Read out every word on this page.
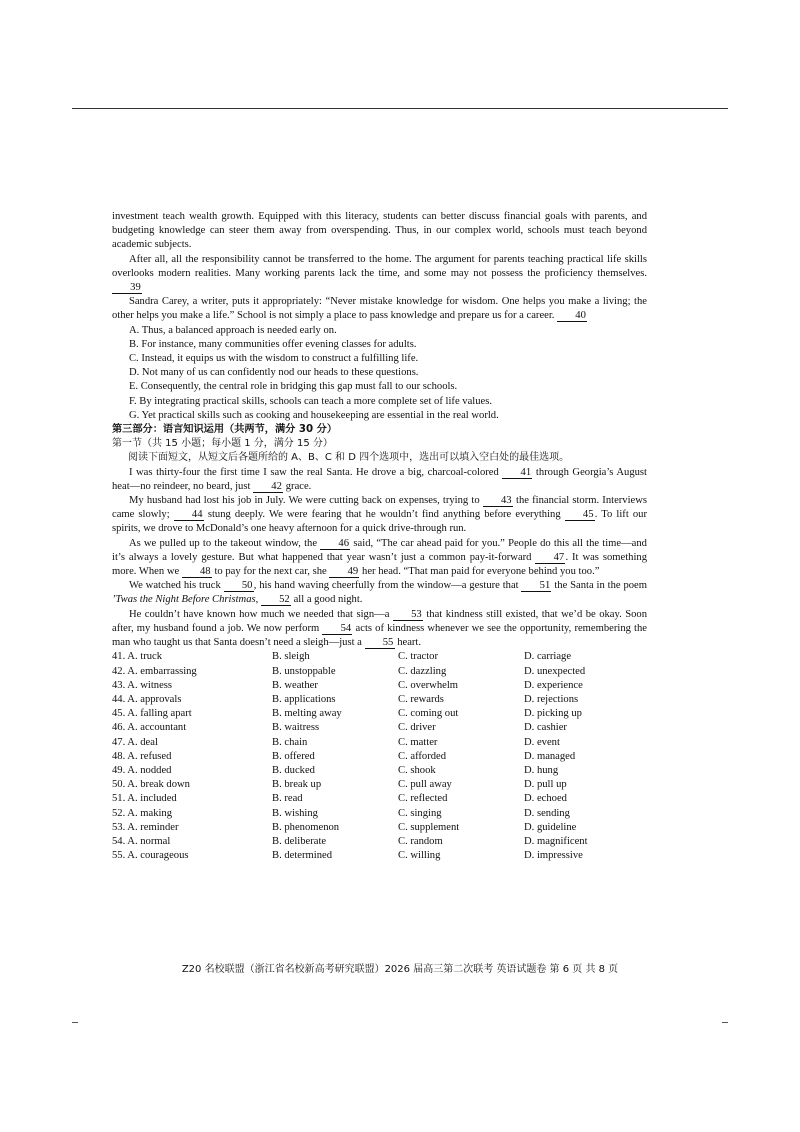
investment teach wealth growth. Equipped with this literacy, students can better discuss financial goals with parents, and budgeting knowledge can steer them away from overspending. Thus, in our complex world, schools must teach beyond academic subjects.

After all, all the responsibility cannot be transferred to the home. The argument for parents teaching practical life skills overlooks modern realities. Many working parents lack the time, and some may not possess the proficiency themselves. 39

Sandra Carey, a writer, puts it appropriately: “Never mistake knowledge for wisdom. One helps you make a living; the other helps you make a life.” School is not simply a place to pass knowledge and prepare us for a career. 40

A. Thus, a balanced approach is needed early on.

B. For instance, many communities offer evening classes for adults.

C. Instead, it equips us with the wisdom to construct a fulfilling life.

D. Not many of us can confidently nod our heads to these questions.

E. Consequently, the central role in bridging this gap must fall to our schools.

F. By integrating practical skills, schools can teach a more complete set of life values.

G. Yet practical skills such as cooking and housekeeping are essential in the real world.

第三部分：语言知识运用（共两节，满分 30 分）

第一节（共 15 小题；每小题 1 分，满分 15 分）

阅读下面短文，从短文后各题所给的 A、B、C 和 D 四个选项中，选出可以填入空白处的最佳选项。

I was thirty-four the first time I saw the real Santa. He drove a big, charcoal-colored 41 through Georgia’s August heat—no reindeer, no beard, just 42 grace.

My husband had lost his job in July. We were cutting back on expenses, trying to 43 the financial storm. Interviews came slowly; 44 stung deeply. We were fearing that he wouldn’t find anything before everything 45. To lift our spirits, we drove to McDonald’s one heavy afternoon for a quick drive-through run.

As we pulled up to the takeout window, the 46 said, “The car ahead paid for you.” People do this all the time—and it’s always a lovely gesture. But what happened that year wasn’t just a common pay-it-forward 47. It was something more. When we 48 to pay for the next car, she 49 her head. “That man paid for everyone behind you too.”

We watched his truck 50, his hand waving cheerfully from the window—a gesture that 51 the Santa in the poem ’Twas the Night Before Christmas, 52 all a good night.

He couldn’t have known how much we needed that sign—a 53 that kindness still existed, that we’d be okay. Soon after, my husband found a job. We now perform 54 acts of kindness whenever we see the opportunity, remembering the man who taught us that Santa doesn’t need a sleigh—just a 55 heart.

41. A. truck	B. sleigh	C. tractor	D. carriage
42. A. embarrassing	B. unstoppable	C. dazzling	D. unexpected
43. A. witness	B. weather	C. overwhelm	D. experience
44. A. approvals	B. applications	C. rewards	D. rejections
45. A. falling apart	B. melting away	C. coming out	D. picking up
46. A. accountant	B. waitress	C. driver	D. cashier
47. A. deal	B. chain	C. matter	D. event
48. A. refused	B. offered	C. afforded	D. managed
49. A. nodded	B. ducked	C. shook	D. hung
50. A. break down	B. break up	C. pull away	D. pull up
51. A. included	B. read	C. reflected	D. echoed
52. A. making	B. wishing	C. singing	D. sending
53. A. reminder	B. phenomenon	C. supplement	D. guideline
54. A. normal	B. deliberate	C. random	D. magnificent
55. A. courageous	B. determined	C. willing	D. impressive
Z20 名校联盟（浙江省名校新高考研究联盟）2026 届高三第二次联考 英语试题卷 第 6 页 共 8 页
